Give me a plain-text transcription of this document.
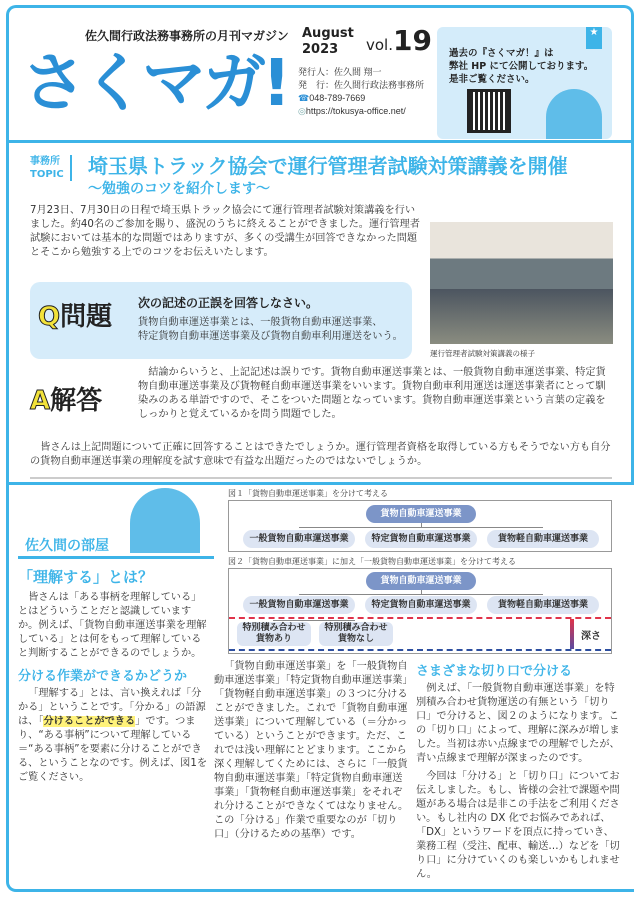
さくマガ!
佐久間行政法務事務所の月刊マガジン August
2023	vol.19
発行人：佐久間 翔一
発　行：佐久間行政法務事務所
☎048-789-7669
◎https://tokusya-office.net/
★
過去の『さくマガ！』は
弊社 HP にて公開しております。
是非ご覧ください。
事務所
TOPIC 埼玉県トラック協会で運行管理者試験対策講義を開催
〜勉強のコツを紹介します〜
7月23日、7月30日の日程で埼玉県トラック協会にて運行管理者試験対策講義を行いました。約40名のご参加を賜り、盛況のうちに終えることができました。運行管理者試験においては基本的な問題ではありますが、多くの受講生が回答できなかった問題とそこから勉強する上でのコツをお伝えいたします。
運行管理者試験対策講義の様子
Q問題 次の記述の正誤を回答しなさい。
貨物自動車運送事業とは、一般貨物自動車運送事業、
特定貨物自動車運送事業及び貨物自動車利用運送をいう。
A解答
結論からいうと、上記記述は誤りです。貨物自動車運送事業とは、一般貨物自動車運送事業、特定貨物自動車運送事業及び貨物軽自動車運送事業をいいます。貨物自動車利用運送は運送事業者にとって馴染みのある単語ですので、そこをついた問題となっています。貨物自動車運送事業という言葉の定義をしっかりと覚えているかを問う問題でした。
皆さんは上記問題について正確に回答することはできたでしょうか。運行管理者資格を取得している方もそうでない方も自分の貨物自動車運送事業の理解度を試す意味で有益な出題だったのではないでしょうか。
佐久間の部屋
「理解する」とは？
皆さんは「ある事柄を理解している」とはどういうことだと認識していますか。例えば、「貨物自動車運送事業を理解している」とは何をもって理解していると判断することができるのでしょうか。
分ける作業ができるかどうか
「理解する」とは、言い換えれば「分かる」ということです。「分かる」の語源は、「分けることができる」です。つまり、“ある事柄”について理解している＝“ある事柄”を要素に分けることができる、ということなのです。例えば、図1をご覧ください。
「貨物自動車運送事業」を「一般貨物自動車運送事業」「特定貨物自動車運送事業」「貨物軽自動車運送事業」の３つに分けることができました。これで「貨物自動車運送事業」について理解している（＝分かっている）ということができます。ただ、これでは浅い理解にとどまります。ここから深く理解してくためには、さらに「一般貨物自動車運送事業」「特定貨物自動車運送事業」「貨物軽自動車運送事業」をそれぞれ分けることができなくてはなりません。この「分ける」作業で重要なのが「切り口」（分けるための基準）です。
さまざまな切り口で分ける
例えば、「一般貨物自動車運送事業」を特別積み合わせ貨物運送の有無という「切り口」で分けると、図２のようになります。この「切り口」によって、理解に深みが増しました。当初は赤い点線までの理解でしたが、青い点線まで理解が深まったのです。
今回は「分ける」と「切り口」についてお伝えしました。もし、皆様の会社で課題や問題がある場合は是非この手法をご利用ください。もし社内の DX 化でお悩みであれば、「DX」というワードを頂点に持っていき、業務工程（受注、配車、輸送…）などを「切り口」に分けていくのも楽しいかもしれません。
図１「貨物自動車運送事業」を分けて考える
貨物自動車運送事業
一般貨物自動車運送事業	特定貨物自動車運送事業	貨物軽自動車運送事業
図２「貨物自動車運送事業」に加え「一般貨物自動車運送事業」を分けて考える
貨物自動車運送事業
一般貨物自動車運送事業	特定貨物自動車運送事業	貨物軽自動車運送事業
特別積み合わせ
貨物あり
特別積み合わせ
貨物なし	深さ
